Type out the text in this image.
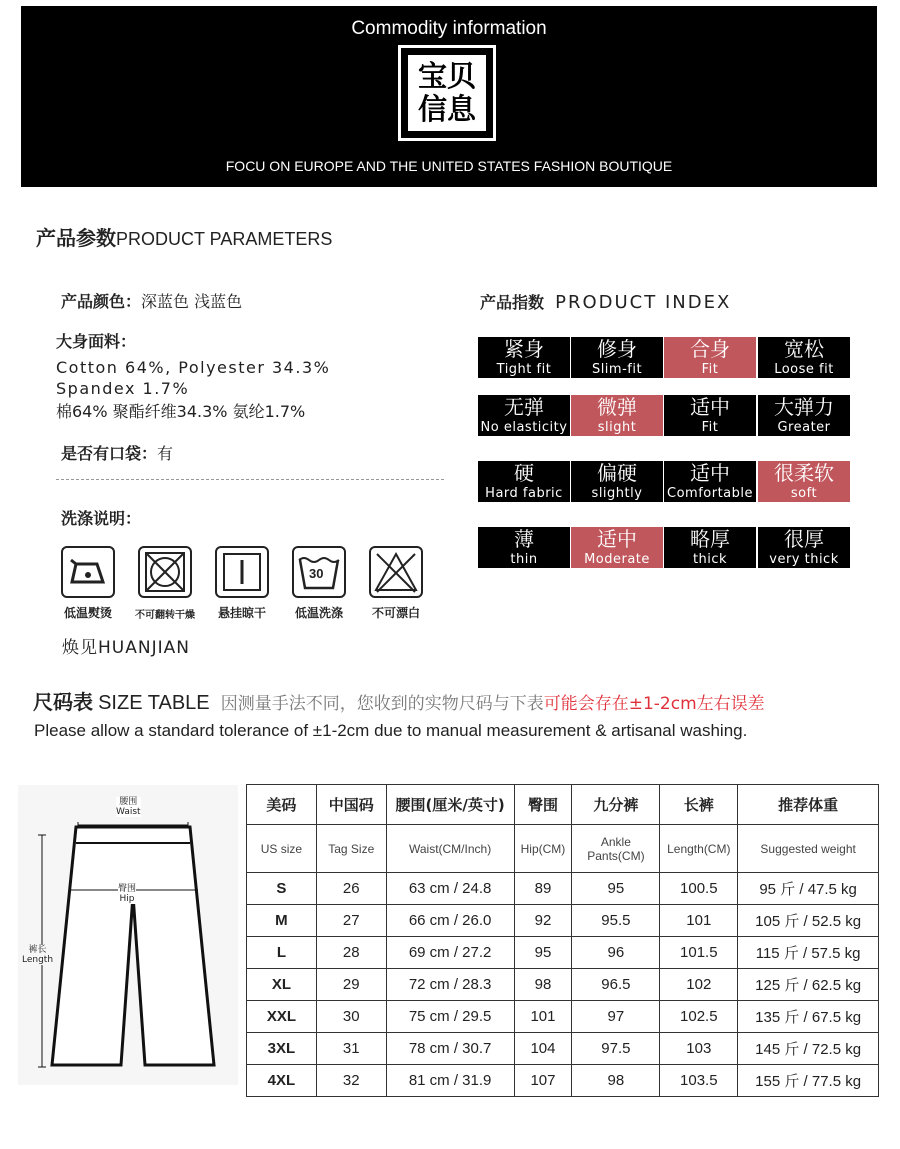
Commodity information
宝贝
信息
FOCU ON EUROPE AND THE UNITED STATES FASHION BOUTIQUE
产品参数PRODUCT PARAMETERS
产品颜色：深蓝色 浅蓝色
大身面料：
Cotton 64%, Polyester 34.3%
Spandex 1.7%
棉64% 聚酯纤维34.3% 氨纶1.7%
是否有口袋：有
洗涤说明：
低温熨烫	不可翻转干燥	悬挂晾干
30
低温洗涤	不可漂白
焕见HUANJIAN
产品指数 PRODUCT INDEX
紧身
Tight fit
修身
Slim-fit
合身
Fit
宽松
Loose fit
无弹
No elasticity
微弹
slight
适中
Fit
大弹力
Greater
硬
Hard fabric
偏硬
slightly
适中
Comfortable
很柔软
soft
薄
thin
适中
Moderate
略厚
thick
很厚
very thick
尺码表 SIZE TABLE 因测量手法不同，您收到的实物尺码与下表可能会存在±1-2cm左右误差
Please allow a standard tolerance of ±1-2cm due to manual measurement & artisanal washing.
腰围
Waist
臀围
Hip
裤长
Length
美码	中国码	腰围(厘米/英寸)	臀围	九分裤	长裤	推荐体重
US size	Tag Size	Waist(CM/Inch)	Hip(CM)	Ankle Pants(CM)	Length(CM)	Suggested weight
S	26	63 cm / 24.8	89	95	100.5	95 斤 / 47.5 kg
M	27	66 cm / 26.0	92	95.5	101	105 斤 / 52.5 kg
L	28	69 cm / 27.2	95	96	101.5	115 斤 / 57.5 kg
XL	29	72 cm / 28.3	98	96.5	102	125 斤 / 62.5 kg
XXL	30	75 cm / 29.5	101	97	102.5	135 斤 / 67.5 kg
3XL	31	78 cm / 30.7	104	97.5	103	145 斤 / 72.5 kg
4XL	32	81 cm / 31.9	107	98	103.5	155 斤 / 77.5 kg
